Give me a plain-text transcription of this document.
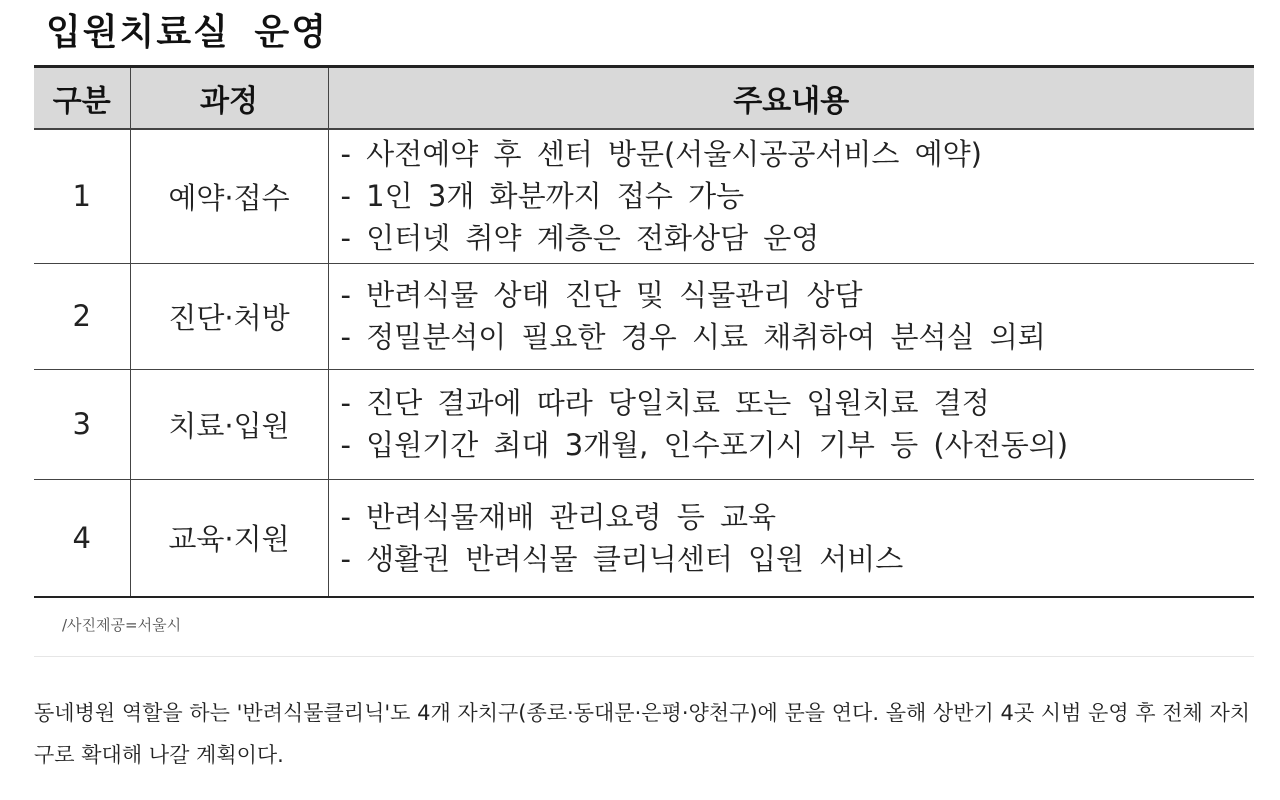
입원치료실 운영
구분	과정	주요내용
1	예약·접수	- 사전예약 후 센터 방문(서울시공공서비스 예약)
- 1인 3개 화분까지 접수 가능
- 인터넷 취약 계층은 전화상담 운영

2	진단·처방	- 반려식물 상태 진단 및 식물관리 상담
- 정밀분석이 필요한 경우 시료 채취하여 분석실 의뢰

3	치료·입원	- 진단 결과에 따라 당일치료 또는 입원치료 결정
- 입원기간 최대 3개월, 인수포기시 기부 등 (사전동의)

4	교육·지원	- 반려식물재배 관리요령 등 교육
- 생활권 반려식물 클리닉센터 입원 서비스
/사진제공=서울시
동네병원 역할을 하는 '반려식물클리닉'도 4개 자치구(종로·동대문·은평·양천구)에 문을 연다. 올해 상반기 4곳 시범 운영 후 전체 자치구로 확대해 나갈 계획이다.
